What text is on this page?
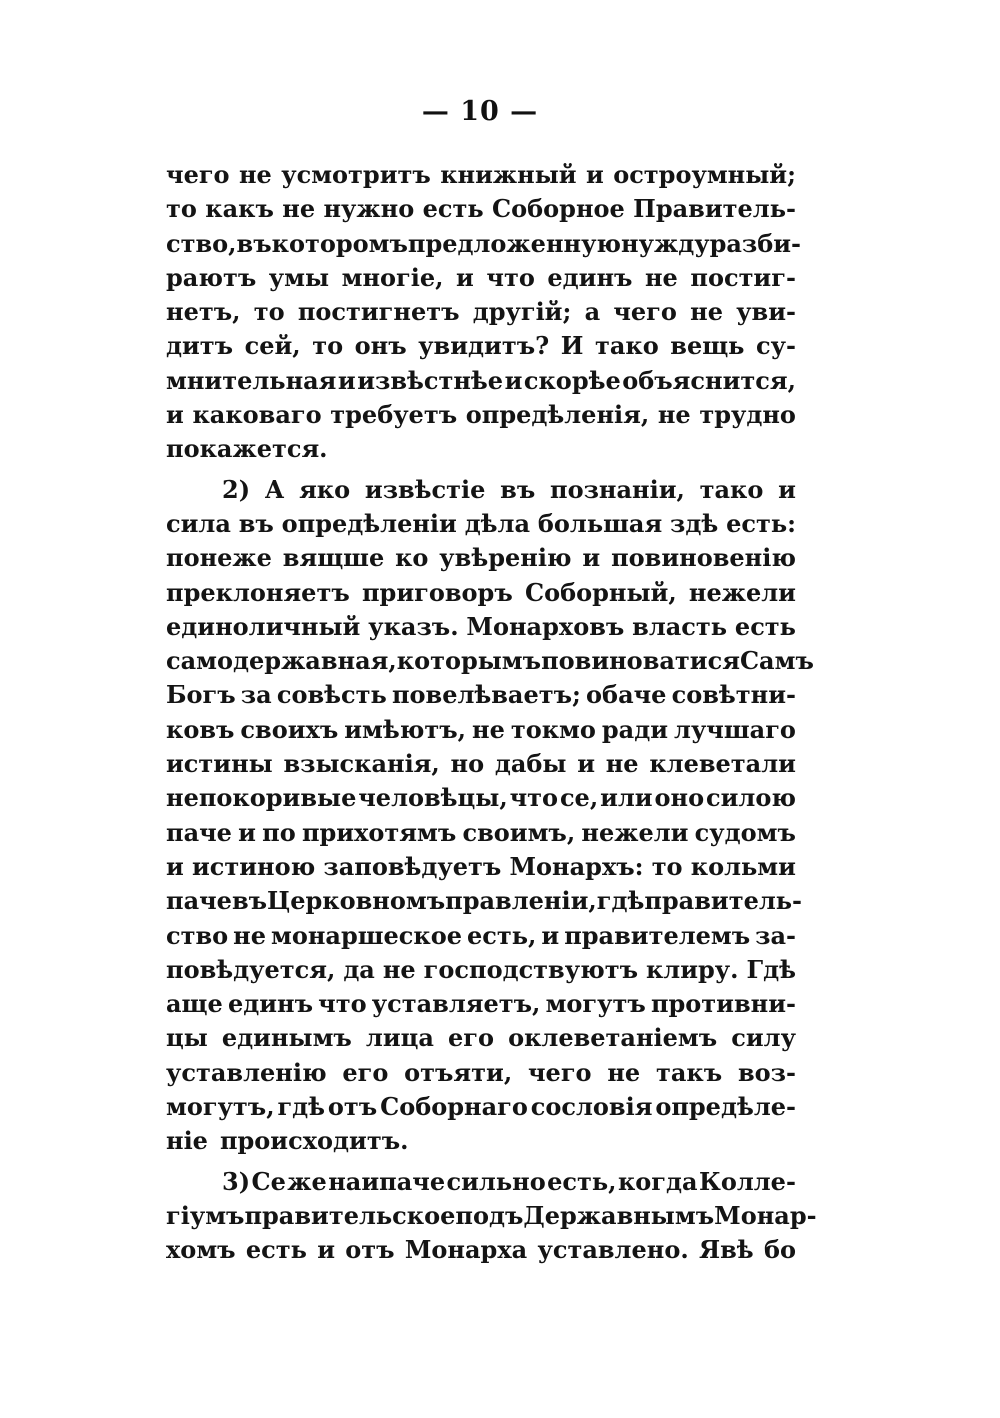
— 10 —
чего не усмотритъ книжный и остроумный;
то какъ не нужно есть Соборное Правитель-
ство, въ которомъ предложенную нужду разби-
раютъ умы многіе, и что единъ не постиг-
нетъ, то постигнетъ другій; а чего не уви-
дитъ сей, то онъ увидитъ? И тако вещь су-
мнительная и извѣстнѣе и скорѣе объяснится,
и каковаго требуетъ опредѣленія, не трудно
покажется.
2) А яко извѣстіе въ познаніи, тако и
сила въ опредѣленіи дѣла большая здѣ есть:
понеже вящше ко увѣренію и повиновенію
преклоняетъ приговоръ Соборный, нежели
единоличный указъ. Монарховъ власть есть
самодержавная, которымъ повиноватися Самъ
Богъ за совѣсть повелѣваетъ; обаче совѣтни-
ковъ своихъ имѣютъ, не токмо ради лучшаго
истины взысканія, но дабы и не клеветали
непокоривые человѣцы, что се, или оно силою
паче и по прихотямъ своимъ, нежели судомъ
и истиною заповѣдуетъ Монархъ: то кольми
паче въ Церковномъ правленіи, гдѣ правитель-
ство не монаршеское есть, и правителемъ за-
повѣдуется, да не господствуютъ клиру. Гдѣ
аще единъ что уставляетъ, могутъ противни-
цы единымъ лица его оклеветаніемъ силу
уставленію его отъяти, чего не такъ воз-
могутъ, гдѣ отъ Соборнаго сословія опредѣле-
ніе происходитъ.
3) Се же наипаче сильно есть, когда Колле-
гіумъ правительское подъ Державнымъ Монар-
хомъ есть и отъ Монарха уставлено. Явѣ бо
